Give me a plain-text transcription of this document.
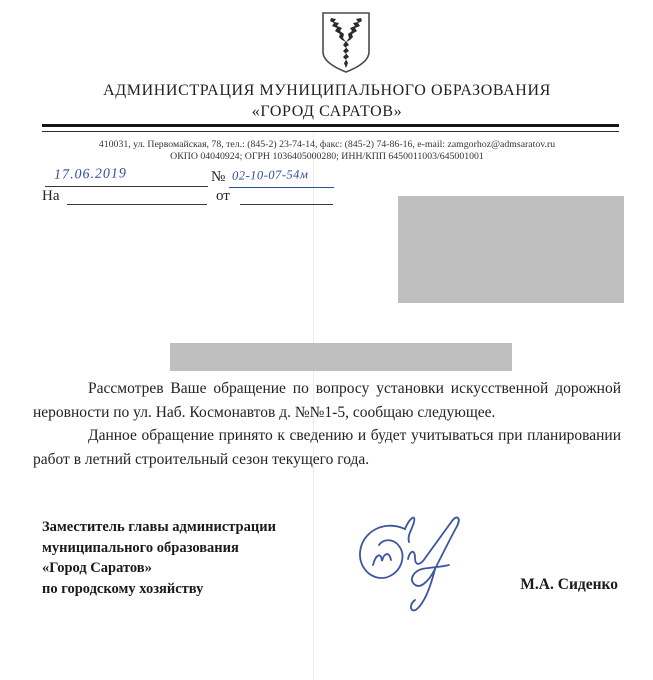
АДМИНИСТРАЦИЯ МУНИЦИПАЛЬНОГО ОБРАЗОВАНИЯ
«ГОРОД САРАТОВ»
410031, ул. Первомайская, 78, тел.: (845-2) 23-74-14, факс: (845-2) 74-86-16, e-mail: zamgorhoz@admsaratov.ru
ОКПО 04040924; ОГРН 1036405000280; ИНН/КПП 6450011003/645001001
17.06.2019	№ 02-10-07-54м
На	от

Рассмотрев Ваше обращение по вопросу установки искусственной дорожной неровности по ул. Наб. Космонавтов д. №№1-5, сообщаю следующее.

Данное обращение принято к сведению и будет учитываться при планировании работ в летний строительный сезон текущего года.

Заместитель главы администрации
муниципального образования
«Город Саратов»
по городскому хозяйству	М.А. Сиденко
